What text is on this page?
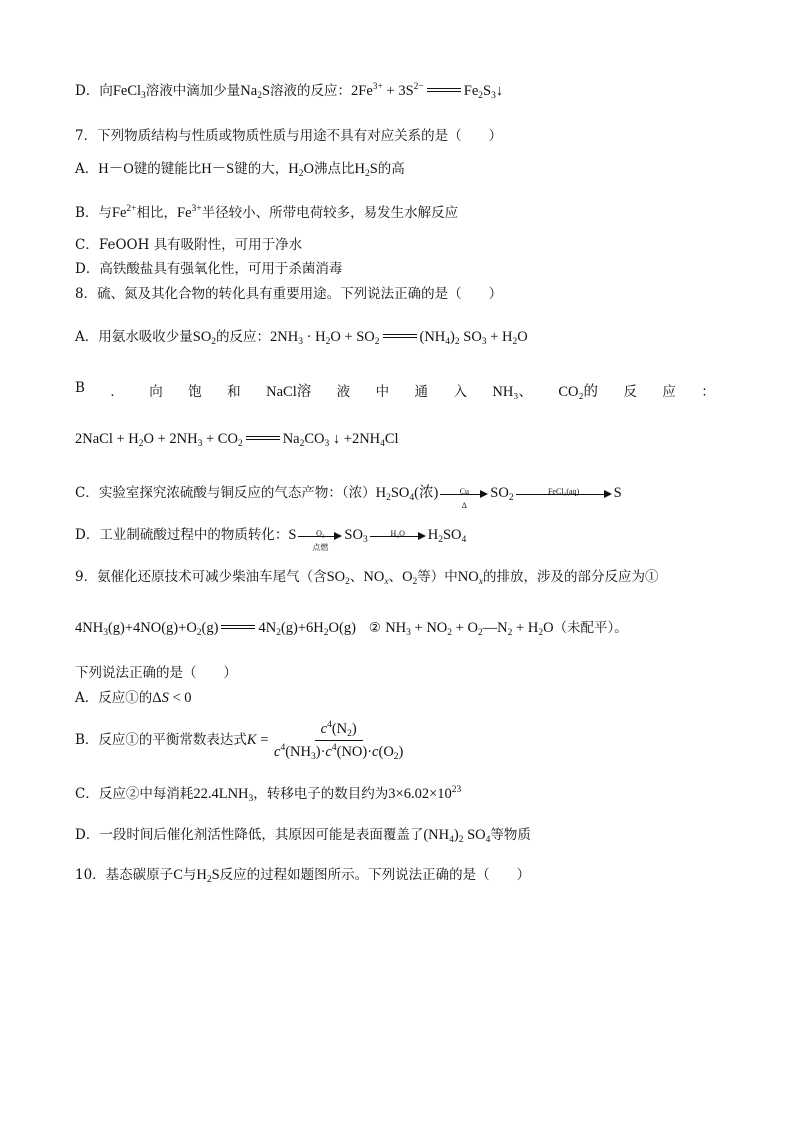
D．向FeCl$_3$溶液中滴加少量$Na_2S$溶液的反应：$2Fe^{3+} + 3S^{2-}$	$Fe_2S_3↓$
7．下列物质结构与性质或物质性质与用途不具有对应关系的是（　　）
A．H－O键的键能比H－S键的大，$H_2O$沸点比$H_2S$的高
B．与$Fe^{2+}$相比，$Fe^{3+}$半径较小、所带电荷较多，易发生水解反应
C．FeOOH 具有吸附性，可用于净水
D．高铁酸盐具有强氧化性，可用于杀菌消毒
8．硫、氮及其化合物的转化具有重要用途。下列说法正确的是（　　）
A．用氨水吸收少量$SO_2$的反应：$2NH_3 \cdot H_2O + SO_2$	$(NH_4)_2$ $SO_3 + H_2O$
B ． 向 饱 和 NaCl溶 液 中 通 入 NH₃、 CO₂的 反 应 ：
2NaCl + $H_2O + 2NH_3 + CO_2$	$Na_2CO_3$ ↓ $+2NH_4Cl$
C．实验室探究浓硫酸与铜反应的气态产物：（浓）$H_2SO_4$(浓)	Cu
Δ
$SO_2$
FeCl₃(aq)	S
D．工业制硫酸过程中的物质转化：S	O₂
点燃
$SO_3$
H₂O	$H_2SO_4$
9．氨催化还原技术可减少柴油车尾气（含$SO_2$、$NO_x$、$O_2$等）中$NO_x$的排放，涉及的部分反应为①
$4NH_3(g)+4NO(g)+O_2(g)$	$4N_2(g)+6H_2O(g)$ ② $NH_3 + NO_2$ + $O_2—N_2 + H_2O$（未配平）。
下列说法正确的是（　　）
A．反应①的ΔS < 0
B．反应①的平衡常数表达式$K = \frac{c^4(N_2)}{c^4(NH_3)\cdot c^4(NO)\cdot c(O_2)}$
C．反应②中每消耗$22.4LNH_3$，转移电子的数目约为$3\times 6.02\times 10^{23}$
D．一段时间后催化剂活性降低，其原因可能是表面覆盖了$(NH_4)_2$ $SO_4$等物质
10．基态碳原子C与$H_2S$反应的过程如题图所示。下列说法正确的是（　　）
